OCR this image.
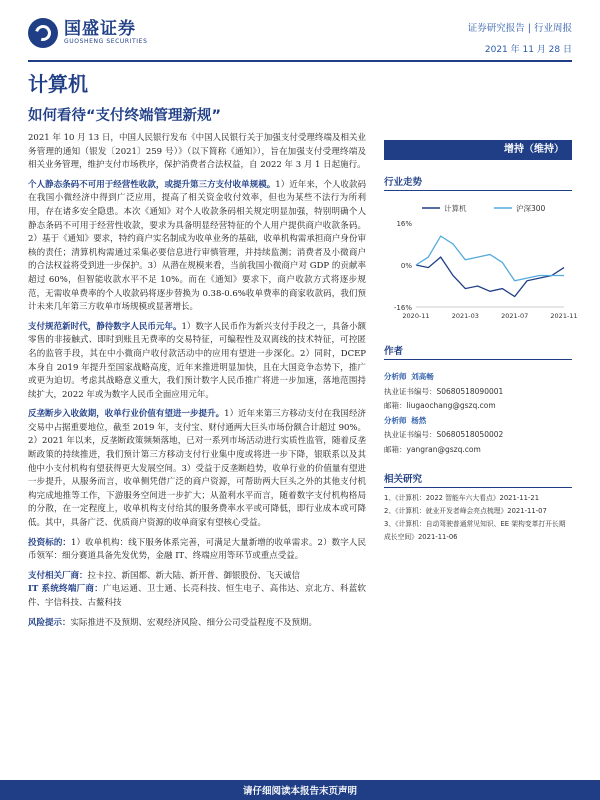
国盛证券
GUOSHENG SECURITIES
证券研究报告 | 行业周报
2021 年 11 月 28 日
计算机
如何看待“支付终端管理新规”

2021 年 10 月 13 日，中国人民银行发布《中国人民银行关于加强支付受理终端及相关业务管理的通知（银发〔2021〕259 号）》（以下简称《通知》），旨在加强支付受理终端及相关业务管理，维护支付市场秩序，保护消费者合法权益，自 2022 年 3 月 1 日起施行。

个人静态条码不可用于经营性收款，或提升第三方支付收单规模。1）近年来，个人收款码在我国小微经济中得到广泛应用，提高了相关资金收付效率，但也为某些不法行为所利用，存在诸多安全隐患。本次《通知》对个人收款条码相关规定明显加强，特别明确个人静态条码不可用于经营性收款，要求为具备明显经营特征的个人用户提供商户收款条码。2）基于《通知》要求，特约商户实名制成为收单业务的基础，收单机构需承担商户身份审核的责任；清算机构需通过采集必要信息进行审慎管理，并持续监测；消费者及小微商户的合法权益将受到进一步保护。3）从潜在规模来看，当前我国小微商户对 GDP 的贡献率超过 60%，但智能收款水平不足 10%。而在《通知》要求下，商户收款方式将逐步规范，无需收单费率的个人收款码将逐步替换为 0.38-0.6%收单费率的商家收款码，我们预计未来几年第三方收单市场规模或显著增长。

支付规范新时代，静待数字人民币元年。1）数字人民币作为新兴支付手段之一，具备小额零售的非接触式、即时到账且无费率的交易特征，可编程性及双离线的技术特征，可控匿名的监管手段，其在中小微商户收付款活动中的应用有望进一步深化。2）同时，DCEP 本身自 2019 年提升至国家战略高度，近年来推进明显加快，且在大国竞争态势下，推广或更为迫切。考虑其战略意义重大，我们预计数字人民币推广将进一步加速，落地范围持续扩大，2022 年或为数字人民币全面应用元年。

反垄断步入收敛期，收单行业价值有望进一步提升。1）近年来第三方移动支付在我国经济交易中占据重要地位，截至 2019 年，支付宝、财付通两大巨头市场份额合计超过 90%。2）2021 年以来，反垄断政策频频落地，已对一系列市场活动进行实质性监管，随着反垄断政策的持续推进，我们预计第三方移动支付行业集中度或将进一步下降，银联系以及其他中小支付机构有望获得更大发展空间。3）受益于反垄断趋势，收单行业的价值量有望进一步提升，从服务而言，收单侧凭借广泛的商户资源，可帮助两大巨头之外的其他支付机构完成地推等工作，下游服务空间进一步扩大；从盈利水平而言，随着数字支付机构格局的分散，在一定程度上，收单机构支付给其的服务费率水平或可降低，即行业成本或可降低。其中，具备广泛、优质商户资源的收单商家有望核心受益。

投资标的：1）收单机构：线下服务体系完善，可满足大量新增的收单需求。2）数字人民币领军：细分赛道具备先发优势，金融 IT、终端应用等环节或重点受益。

支付相关厂商：拉卡拉、新国都、新大陆、新开普、御银股份、飞天诚信

IT 系统终端厂商：广电运通、卫士通、长亮科技、恒生电子、高伟达、京北方、科蓝软件、宇信科技、古鳌科技

风险提示：实际推进不及预期、宏观经济风险、细分公司受益程度不及预期。

增持（维持）
行业走势
计算机	沪深300
-16%
0%
16%
2020-11	2021-03	2021-07	2021-11
作者
分析师 刘高畅
执业证书编号：S0680518090001
邮箱：liugaochang@gszq.com
分析师 杨然
执业证书编号：S0680518050002
邮箱：yangran@gszq.com
相关研究
1、《计算机：2022 智能车六大看点》2021-11-21
2、《计算机：就业开发者峰会亮点梳理》2021-11-07
3、《计算机：自动驾驶普通常见知识、EE 架构变革打开长期成长空间》2021-11-06
请仔细阅读本报告末页声明
